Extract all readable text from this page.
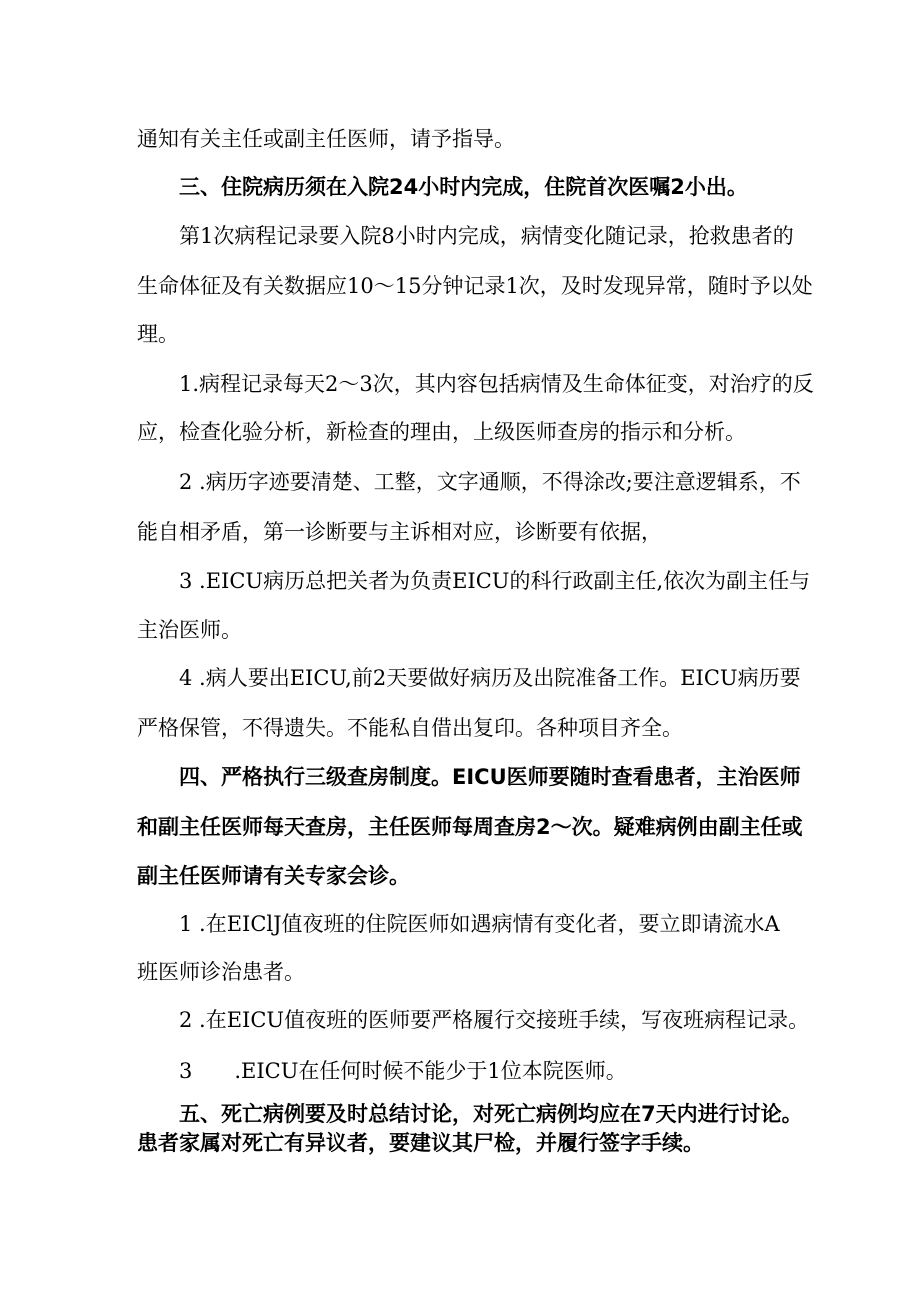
通知有关主任或副主任医师，请予指导。
三、住院病历须在入院24小时内完成，住院首次医嘱2小出。
第1次病程记录要入院8小时内完成，病情变化随记录，抢救患者的
生命体征及有关数据应10～15分钟记录1次，及时发现异常，随时予以处
理。
1.病程记录每天2～3次，其内容包括病情及生命体征变，对治疗的反
应，检查化验分析，新检查的理由，上级医师查房的指示和分析。
2 .病历字迹要清楚、工整，文字通顺，不得涂改;要注意逻辑系，不
能自相矛盾，第一诊断要与主诉相对应，诊断要有依据，
3 .EICU病历总把关者为负责EICU的科行政副主任,依次为副主任与
主治医师。
4 .病人要出EICU,前2天要做好病历及出院准备工作。EICU病历要
严格保管，不得遗失。不能私自借出复印。各种项目齐全。
四、严格执行三级查房制度。EICU医师要随时查看患者，主治医师
和副主任医师每天查房，主任医师每周查房2～次。疑难病例由副主任或
副主任医师请有关专家会诊。
1 .在EIClJ值夜班的住院医师如遇病情有变化者，要立即请流水A
班医师诊治患者。
2 .在EICU值夜班的医师要严格履行交接班手续，写夜班病程记录。
3　　.EICU在任何时候不能少于1位本院医师。
五、死亡病例要及时总结讨论，对死亡病例均应在7天内进行讨论。
患者家属对死亡有异议者，要建议其尸检，并履行签字手续。
